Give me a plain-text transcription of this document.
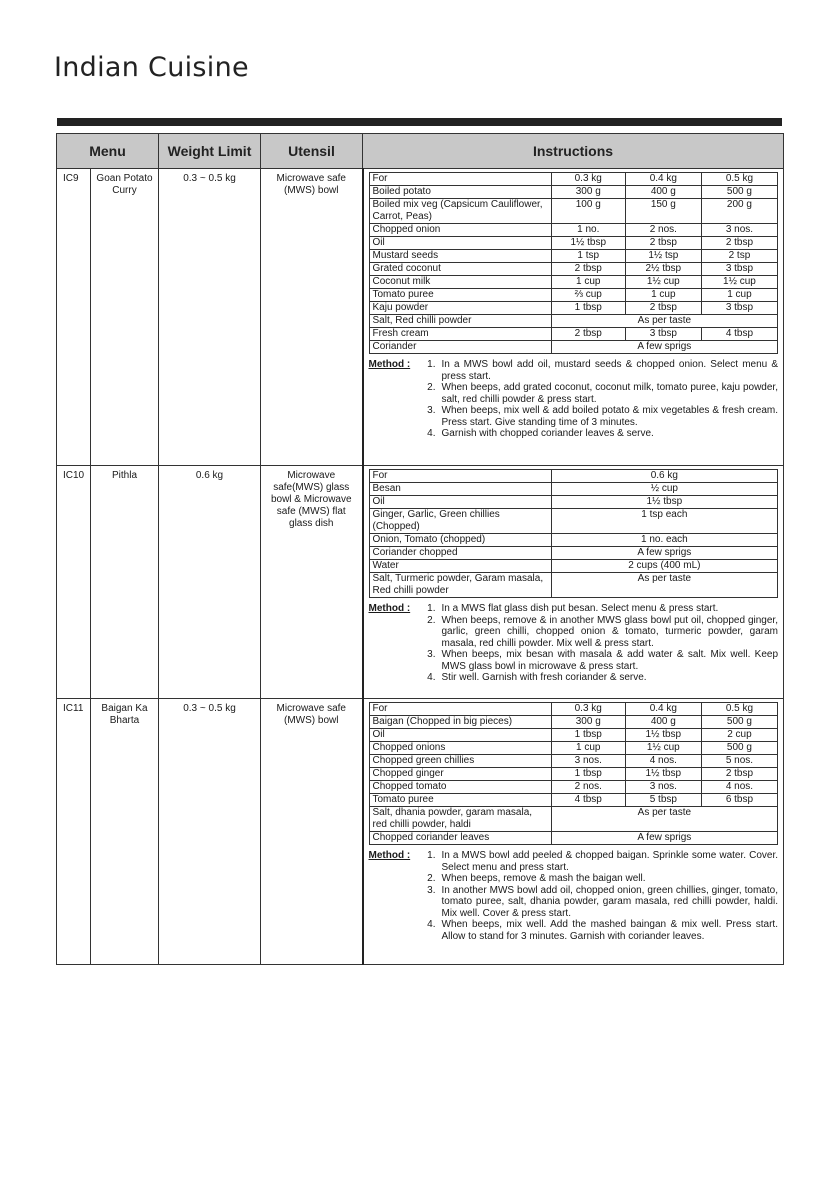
Indian Cuisine
Menu	Weight Limit	Utensil	Instructions
IC9	Goan Potato Curry	0.3 ~ 0.5 kg	Microwave safe (MWS) bowl	
For	0.3 kg	0.4 kg	0.5 kg
Boiled potato	300 g	400 g	500 g
Boiled mix veg (Capsicum Cauliflower, Carrot, Peas)	100 g	150 g	200 g
Chopped onion	1 no.	2 nos.	3 nos.
Oil	1½ tbsp	2 tbsp	2 tbsp
Mustard seeds	1 tsp	1½ tsp	2 tsp
Grated coconut	2 tbsp	2½ tbsp	3 tbsp
Coconut milk	1 cup	1½ cup	1½ cup
Tomato puree	⅔ cup	1 cup	1 cup
Kaju powder	1 tbsp	2 tbsp	3 tbsp
Salt, Red chilli powder	As per taste
Fresh cream	2 tbsp	3 tbsp	4 tbsp
Coriander	A few sprigs
Method :	1. In a MWS bowl add oil, mustard seeds & chopped onion. Select menu & press start.
2. When beeps, add grated coconut, coconut milk, tomato puree, kaju powder, salt, red chilli powder & press start.
3. When beeps, mix well & add boiled potato & mix vegetables & fresh cream. Press start. Give standing time of 3 minutes.
4. Garnish with chopped coriander leaves & serve.

IC10	Pithla	0.6 kg	Microwave safe(MWS) glass bowl & Microwave safe (MWS) flat glass dish	
For	0.6 kg
Besan	½ cup
Oil	1½ tbsp
Ginger, Garlic, Green chillies (Chopped)	1 tsp each
Onion, Tomato (chopped)	1 no. each
Coriander chopped	A few sprigs
Water	2 cups (400 mL)
Salt, Turmeric powder, Garam masala, Red chilli powder	As per taste
Method :	1. In a MWS flat glass dish put besan. Select menu & press start.
2. When beeps, remove & in another MWS glass bowl put oil, chopped ginger, garlic, green chilli, chopped onion & tomato, turmeric powder, garam masala, red chilli powder. Mix well & press start.
3. When beeps, mix besan with masala & add water & salt. Mix well. Keep MWS glass bowl in microwave & press start.
4. Stir well. Garnish with fresh coriander & serve.

IC11	Baigan Ka Bharta	0.3 ~ 0.5 kg	Microwave safe (MWS) bowl	
For	0.3 kg	0.4 kg	0.5 kg
Baigan (Chopped in big pieces)	300 g	400 g	500 g
Oil	1 tbsp	1½ tbsp	2 cup
Chopped onions	1 cup	1½ cup	500 g
Chopped green chillies	3 nos.	4 nos.	5 nos.
Chopped ginger	1 tbsp	1½ tbsp	2 tbsp
Chopped tomato	2 nos.	3 nos.	4 nos.
Tomato puree	4 tbsp	5 tbsp	6 tbsp
Salt, dhania powder, garam masala, red chilli powder, haldi	As per taste
Chopped coriander leaves	A few sprigs
Method :	1. In a MWS bowl add peeled & chopped baigan. Sprinkle some water. Cover. Select menu and press start.
2. When beeps, remove & mash the baigan well.
3. In another MWS bowl add oil, chopped onion, green chillies, ginger, tomato, tomato puree, salt, dhania powder, garam masala, red chilli powder, haldi. Mix well. Cover & press start.
4. When beeps, mix well. Add the mashed baingan & mix well. Press start. Allow to stand for 3 minutes. Garnish with coriander leaves.
